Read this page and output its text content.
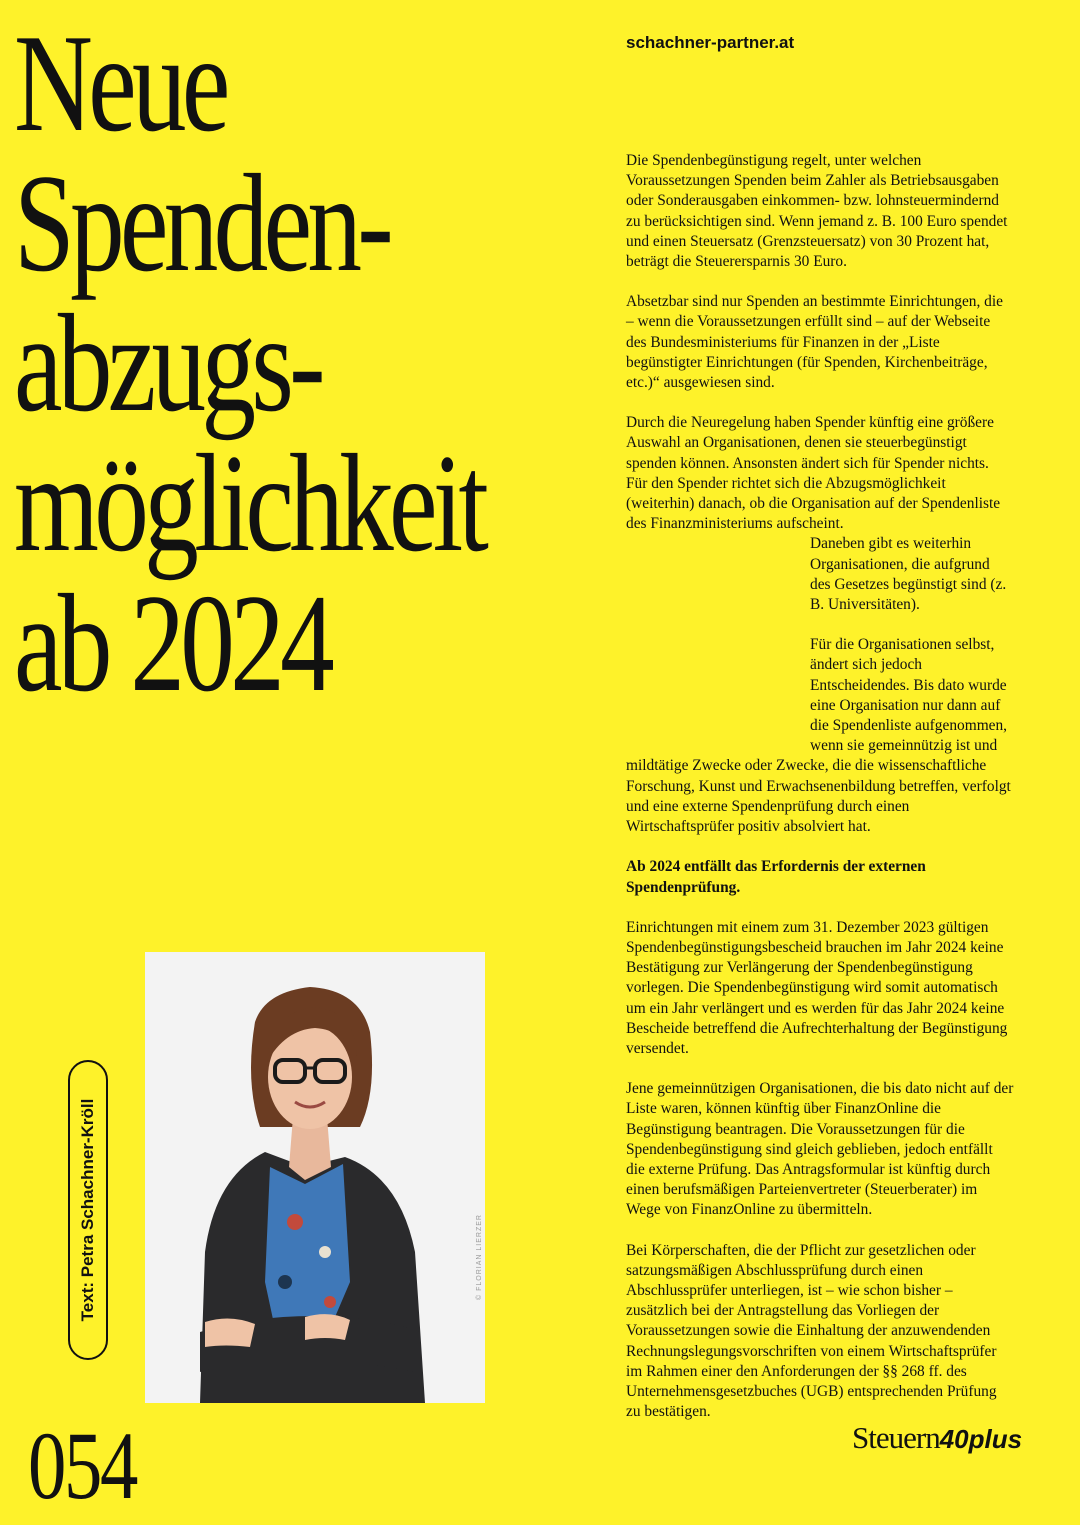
Neue
Spenden-
abzugs-
möglichkeit
ab 2024
schachner-partner.at

Die Spendenbegünstigung regelt, unter welchen Voraussetzungen Spenden beim Zahler als Betriebsausgaben oder Sonderausgaben einkommen- bzw. lohnsteuermindernd zu berücksichtigen sind. Wenn jemand z. B. 100 Euro spendet und einen Steuersatz (Grenzsteuersatz) von 30 Prozent hat, beträgt die Steuerersparnis 30 Euro.

Absetzbar sind nur Spenden an bestimmte Einrichtungen, die – wenn die Voraussetzungen erfüllt sind – auf der Webseite des Bundesministeriums für Finanzen in der „Liste begünstigter Einrichtungen (für Spenden, Kirchenbeiträge, etc.)“ ausgewiesen sind.

Durch die Neuregelung haben Spender künftig eine größere Auswahl an Organisationen, denen sie steuerbegünstigt spenden können. Ansonsten ändert sich für Spender nichts. Für den Spender richtet sich die Abzugsmöglichkeit (weiterhin) danach, ob die Organisation auf der Spendenliste des Finanzministeriums aufscheint.

Daneben gibt es weiterhin Organisationen, die aufgrund des Gesetzes begünstigt sind (z. B. Universitäten).

Für die Organisationen selbst, ändert sich jedoch Entscheidendes. Bis dato wurde eine Organisation nur dann auf die Spendenliste aufgenommen, wenn sie gemeinnützig ist und

mildtätige Zwecke oder Zwecke, die die wissenschaftliche Forschung, Kunst und Erwachsenenbildung betreffen, verfolgt und eine externe Spendenprüfung durch einen Wirtschaftsprüfer positiv absolviert hat.

Ab 2024 entfällt das Erfordernis der externen Spendenprüfung.

Einrichtungen mit einem zum 31. Dezember 2023 gültigen Spendenbegünstigungsbescheid brauchen im Jahr 2024 keine Bestätigung zur Verlängerung der Spendenbegünstigung vorlegen. Die Spendenbegünstigung wird somit automatisch um ein Jahr verlängert und es werden für das Jahr 2024 keine Bescheide betreffend die Aufrechterhaltung der Begünstigung versendet.

Jene gemeinnützigen Organisationen, die bis dato nicht auf der Liste waren, können künftig über FinanzOnline die Begünstigung beantragen. Die Voraussetzungen für die Spendenbegünstigung sind gleich geblieben, jedoch entfällt die externe Prüfung. Das Antragsformular ist künftig durch einen berufsmäßigen Parteienvertreter (Steuerberater) im Wege von FinanzOnline zu übermitteln.

Bei Körperschaften, die der Pflicht zur gesetzlichen oder satzungsmäßigen Abschlussprüfung durch einen Abschlussprüfer unterliegen, ist – wie schon bisher – zusätzlich bei der Antragstellung das Vorliegen der Voraussetzungen sowie die Einhaltung der anzuwendenden Rechnungslegungsvorschriften von einem Wirtschaftsprüfer im Rahmen einer den Anforderungen der §§ 268 ff. des Unternehmensgesetzbuches (UGB) entsprechenden Prüfung zu bestätigen.

© FLORIAN LIERZER
Text: Petra Schachner-Kröll
054	Steuern40plus
